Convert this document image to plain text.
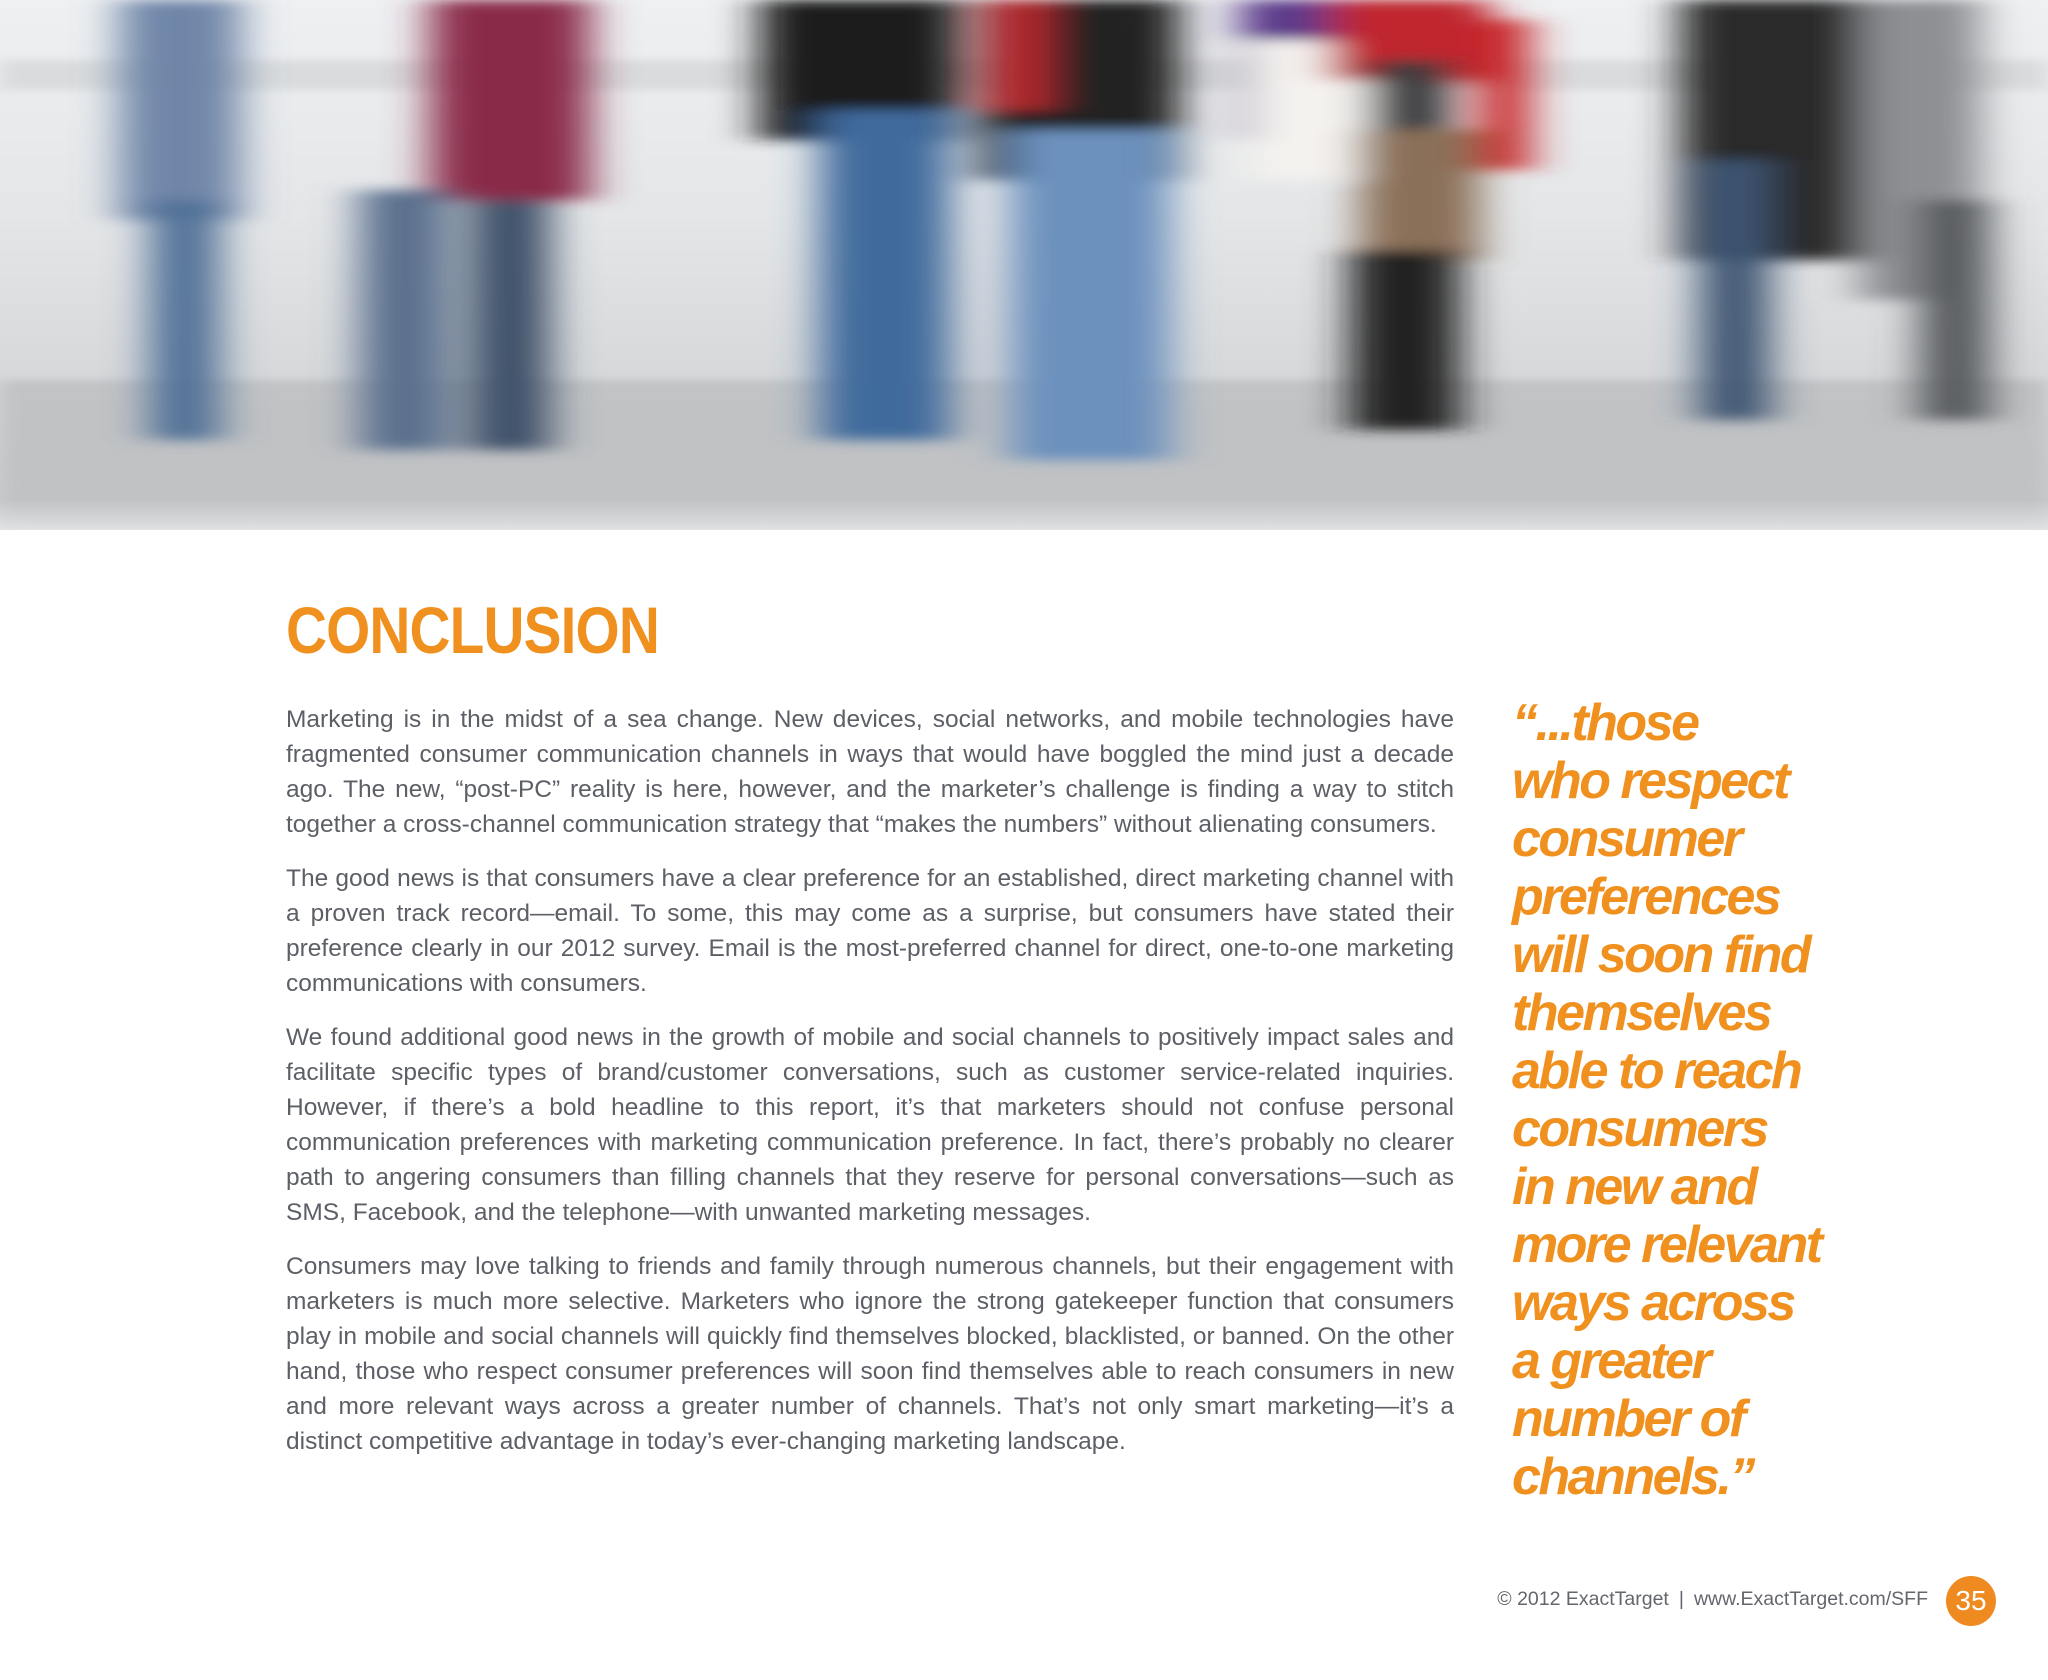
CONCLUSION

Marketing is in the midst of a sea change. New devices, social networks, and mobile technologies have fragmented consumer communication channels in ways that would have boggled the mind just a decade ago. The new, “post-PC” reality is here, however, and the marketer’s challenge is finding a way to stitch together a cross-channel communication strategy that “makes the numbers” without alienating consumers.

The good news is that consumers have a clear preference for an established, direct marketing channel with a proven track record—email. To some, this may come as a surprise, but consumers have stated their preference clearly in our 2012 survey. Email is the most-preferred channel for direct, one-to-one marketing communications with consumers.

We found additional good news in the growth of mobile and social channels to positively impact sales and facilitate specific types of brand/customer conversations, such as customer service-related inquiries. However, if there’s a bold headline to this report, it’s that marketers should not confuse personal communication preferences with marketing communication preference. In fact, there’s probably no clearer path to angering consumers than filling channels that they reserve for personal conversations—such as SMS, Facebook, and the telephone—with unwanted marketing messages.

Consumers may love talking to friends and family through numerous channels, but their engagement with marketers is much more selective. Marketers who ignore the strong gatekeeper function that consumers play in mobile and social channels will quickly find themselves blocked, blacklisted, or banned. On the other hand, those who respect consumer preferences will soon find themselves able to reach consumers in new and more relevant ways across a greater number of channels. That’s not only smart marketing—it’s a distinct competitive advantage in today’s ever-changing marketing landscape.

“...those
who respect
consumer
preferences
will soon find
themselves
able to reach
consumers
in new and
more relevant
ways across
a greater
number of
channels.”
© 2012 ExactTarget | www.ExactTarget.com/SFF 35
